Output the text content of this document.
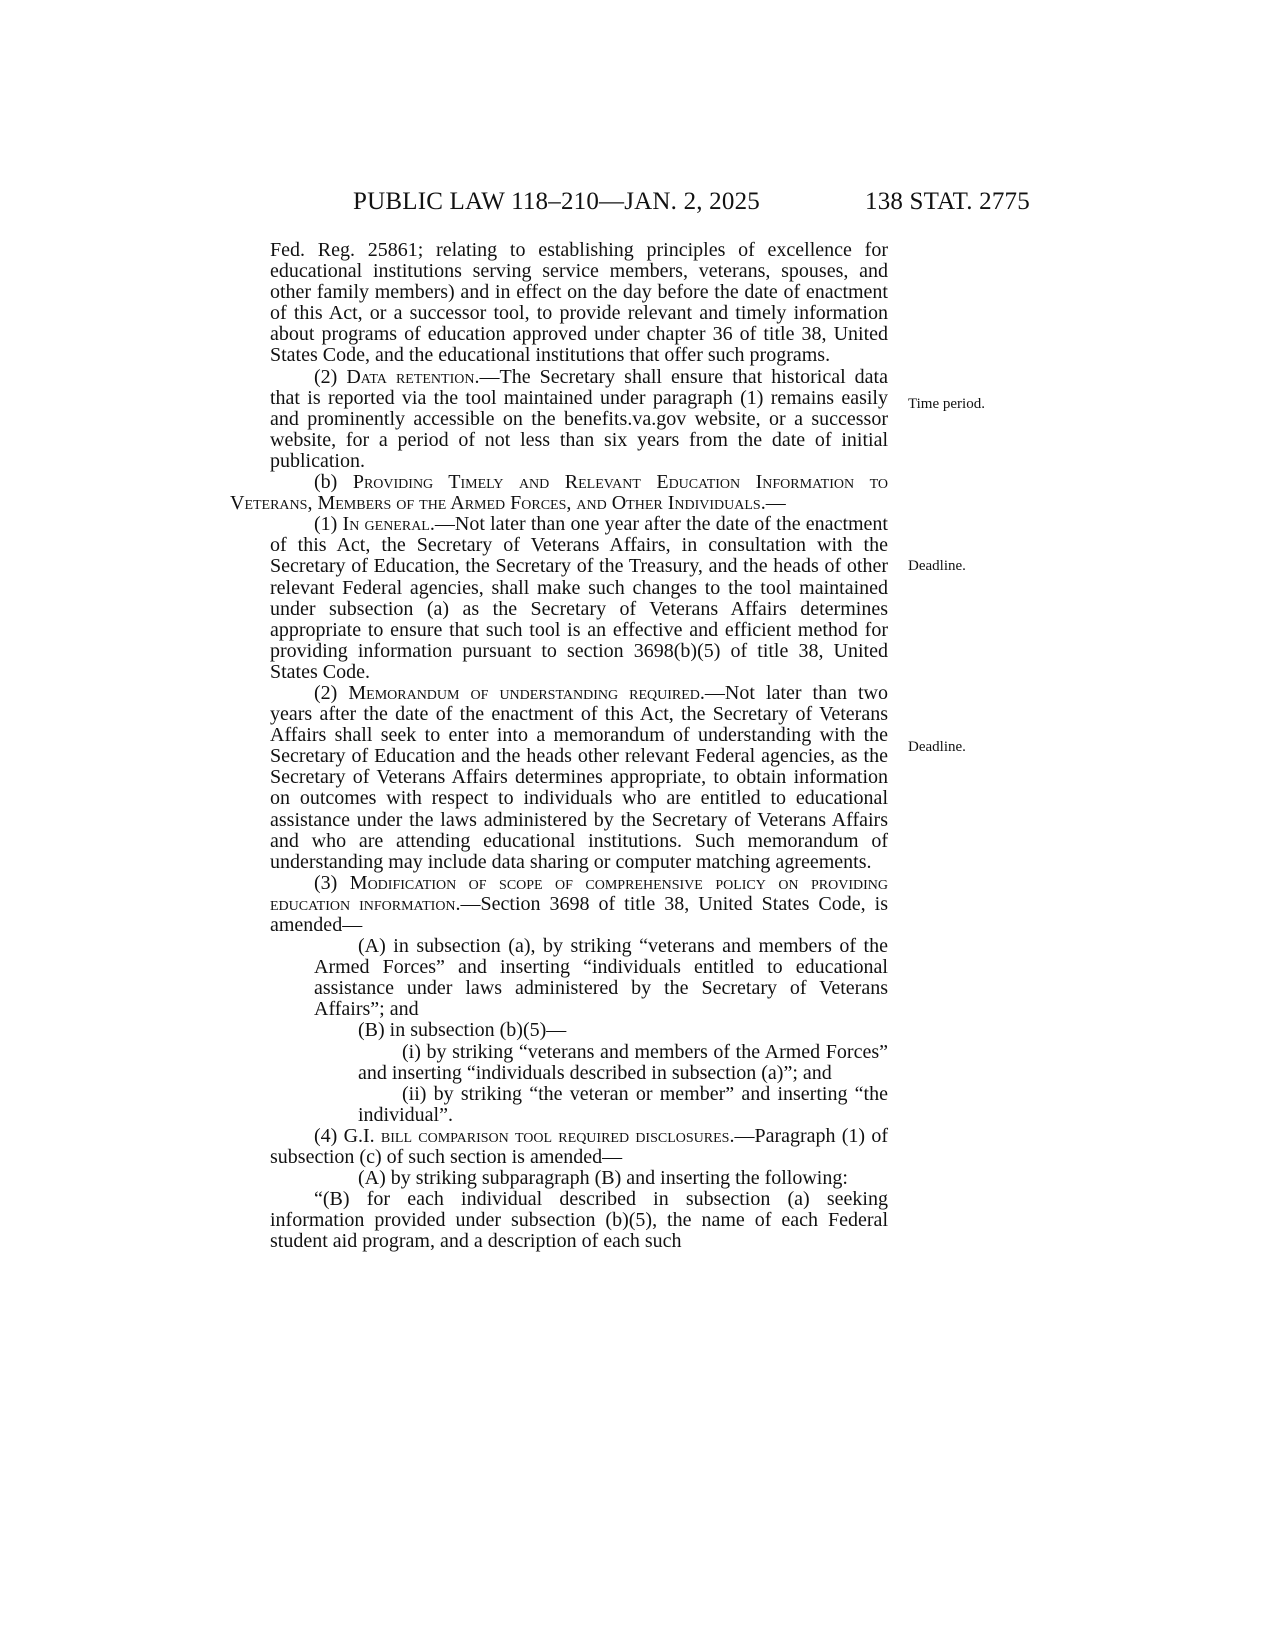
PUBLIC LAW 118–210—JAN. 2, 2025	138 STAT. 2775
Time period.
Deadline.
Deadline.

Fed. Reg. 25861; relating to establishing principles of excellence for educational institutions serving service members, veterans, spouses, and other family members) and in effect on the day before the date of enactment of this Act, or a successor tool, to provide relevant and timely information about programs of education approved under chapter 36 of title 38, United States Code, and the educational institutions that offer such programs.

(2) Data retention.—The Secretary shall ensure that historical data that is reported via the tool maintained under paragraph (1) remains easily and prominently accessible on the benefits.va.gov website, or a successor website, for a period of not less than six years from the date of initial publication.

(b) Providing Timely and Relevant Education Information to Veterans, Members of the Armed Forces, and Other Individuals.—

(1) In general.—Not later than one year after the date of the enactment of this Act, the Secretary of Veterans Affairs, in consultation with the Secretary of Education, the Secretary of the Treasury, and the heads of other relevant Federal agencies, shall make such changes to the tool maintained under subsection (a) as the Secretary of Veterans Affairs determines appropriate to ensure that such tool is an effective and efficient method for providing information pursuant to section 3698(b)(5) of title 38, United States Code.

(2) Memorandum of understanding required.—Not later than two years after the date of the enactment of this Act, the Secretary of Veterans Affairs shall seek to enter into a memorandum of understanding with the Secretary of Education and the heads other relevant Federal agencies, as the Secretary of Veterans Affairs determines appropriate, to obtain information on outcomes with respect to individuals who are entitled to educational assistance under the laws administered by the Secretary of Veterans Affairs and who are attending educational institutions. Such memorandum of understanding may include data sharing or computer matching agreements.

(3) Modification of scope of comprehensive policy on providing education information.—Section 3698 of title 38, United States Code, is amended—

(A) in subsection (a), by striking “veterans and members of the Armed Forces” and inserting “individuals entitled to educational assistance under laws administered by the Secretary of Veterans Affairs”; and

(B) in subsection (b)(5)—

(i) by striking “veterans and members of the Armed Forces” and inserting “individuals described in subsection (a)”; and

(ii) by striking “the veteran or member” and inserting “the individual”.

(4) G.I. bill comparison tool required disclosures.—Paragraph (1) of subsection (c) of such section is amended—

(A) by striking subparagraph (B) and inserting the following:

“(B) for each individual described in subsection (a) seeking information provided under subsection (b)(5), the name of each Federal student aid program, and a description of each such
